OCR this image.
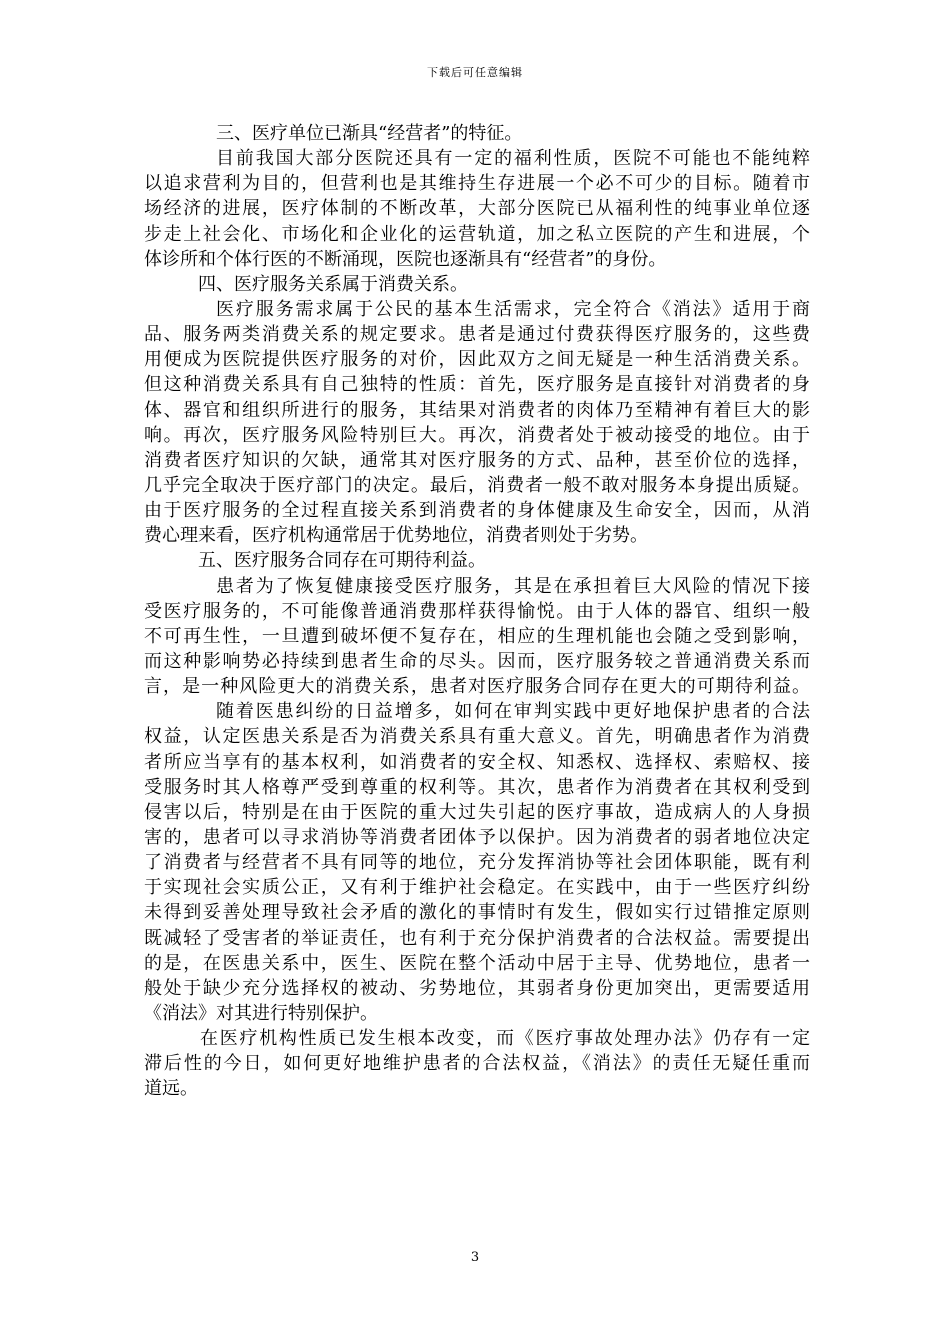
下载后可任意编辑
三、医疗单位已渐具“经营者”的特征。
目前我国大部分医院还具有一定的福利性质，医院不可能也不能纯粹
以追求营利为目的，但营利也是其维持生存进展一个必不可少的目标。随着市
场经济的进展，医疗体制的不断改革，大部分医院已从福利性的纯事业单位逐
步走上社会化、市场化和企业化的运营轨道，加之私立医院的产生和进展，个
体诊所和个体行医的不断涌现，医院也逐渐具有“经营者”的身份。
四、医疗服务关系属于消费关系。
医疗服务需求属于公民的基本生活需求，完全符合《消法》适用于商
品、服务两类消费关系的规定要求。患者是通过付费获得医疗服务的，这些费
用便成为医院提供医疗服务的对价，因此双方之间无疑是一种生活消费关系。
但这种消费关系具有自己独特的性质：首先，医疗服务是直接针对消费者的身
体、器官和组织所进行的服务，其结果对消费者的肉体乃至精神有着巨大的影
响。再次，医疗服务风险特别巨大。再次，消费者处于被动接受的地位。由于
消费者医疗知识的欠缺，通常其对医疗服务的方式、品种，甚至价位的选择，
几乎完全取决于医疗部门的决定。最后，消费者一般不敢对服务本身提出质疑。
由于医疗服务的全过程直接关系到消费者的身体健康及生命安全，因而，从消
费心理来看，医疗机构通常居于优势地位，消费者则处于劣势。
五、医疗服务合同存在可期待利益。
患者为了恢复健康接受医疗服务，其是在承担着巨大风险的情况下接
受医疗服务的，不可能像普通消费那样获得愉悦。由于人体的器官、组织一般
不可再生性，一旦遭到破坏便不复存在，相应的生理机能也会随之受到影响，
而这种影响势必持续到患者生命的尽头。因而，医疗服务较之普通消费关系而
言，是一种风险更大的消费关系，患者对医疗服务合同存在更大的可期待利益。
随着医患纠纷的日益增多，如何在审判实践中更好地保护患者的合法
权益，认定医患关系是否为消费关系具有重大意义。首先，明确患者作为消费
者所应当享有的基本权利，如消费者的安全权、知悉权、选择权、索赔权、接
受服务时其人格尊严受到尊重的权利等。其次，患者作为消费者在其权利受到
侵害以后，特别是在由于医院的重大过失引起的医疗事故，造成病人的人身损
害的，患者可以寻求消协等消费者团体予以保护。因为消费者的弱者地位决定
了消费者与经营者不具有同等的地位，充分发挥消协等社会团体职能，既有利
于实现社会实质公正，又有利于维护社会稳定。在实践中，由于一些医疗纠纷
未得到妥善处理导致社会矛盾的激化的事情时有发生，假如实行过错推定原则
既减轻了受害者的举证责任，也有利于充分保护消费者的合法权益。需要提出
的是，在医患关系中，医生、医院在整个活动中居于主导、优势地位，患者一
般处于缺少充分选择权的被动、劣势地位，其弱者身份更加突出，更需要适用
《消法》对其进行特别保护。
在医疗机构性质已发生根本改变，而《医疗事故处理办法》仍存有一定
滞后性的今日，如何更好地维护患者的合法权益，《消法》的责任无疑任重而
道远。
3
